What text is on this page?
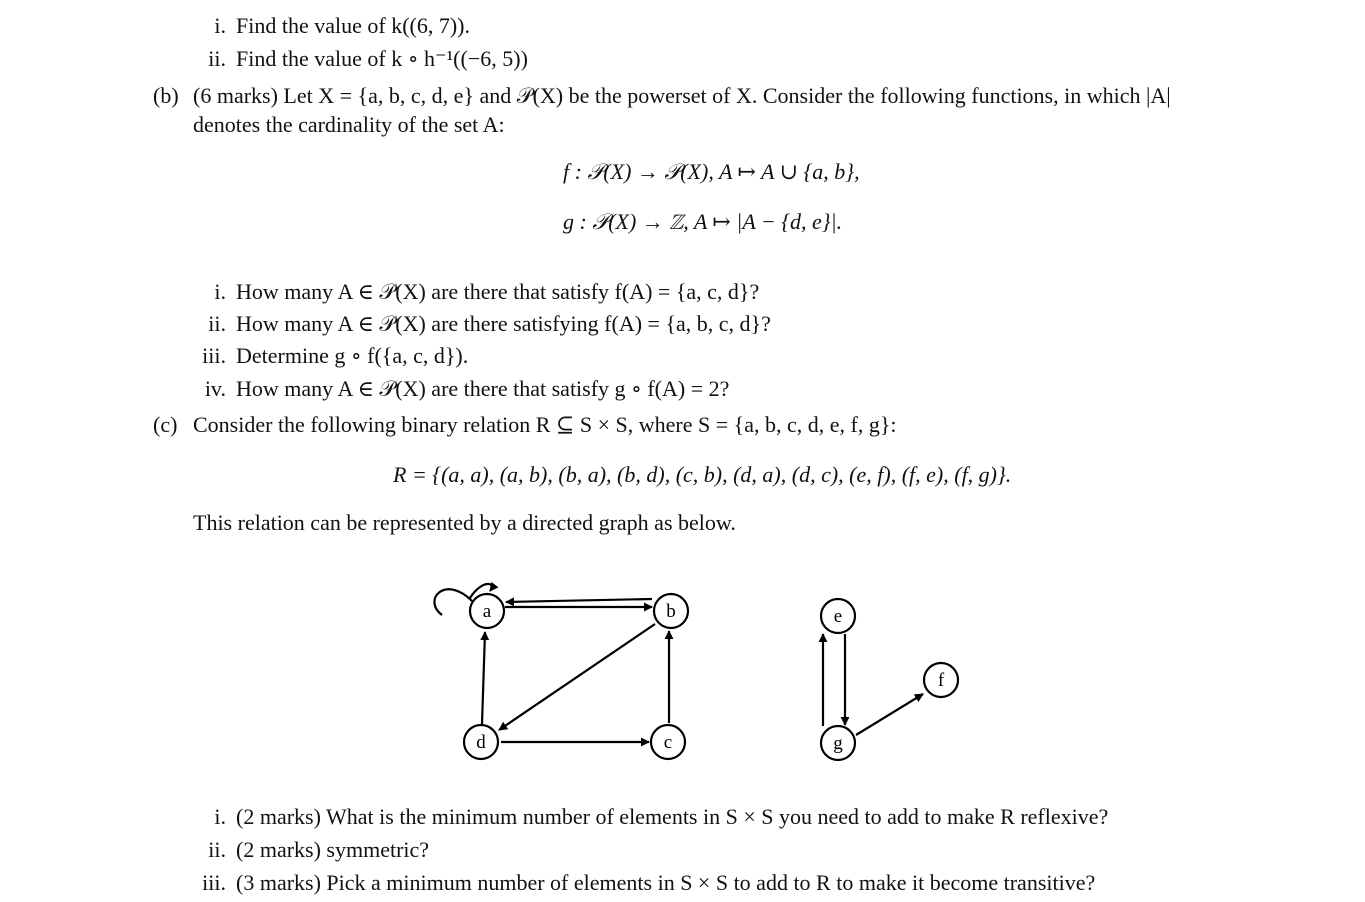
i. Find the value of k((6, 7)).
ii. Find the value of k ∘ h⁻¹((−6, 5))
(b) (6 marks) Let X = {a, b, c, d, e} and 𝒫(X) be the powerset of X. Consider the following functions, in which |A|
denotes the cardinality of the set A:
f : 𝒫(X) → 𝒫(X), A ↦ A ∪ {a, b},
g : 𝒫(X) → ℤ, A ↦ |A − {d, e}|.
i. How many A ∈ 𝒫(X) are there that satisfy f(A) = {a, c, d}?
ii. How many A ∈ 𝒫(X) are there satisfying f(A) = {a, b, c, d}?
iii. Determine g ∘ f({a, c, d}).
iv. How many A ∈ 𝒫(X) are there that satisfy g ∘ f(A) = 2?
(c) Consider the following binary relation R ⊆ S × S, where S = {a, b, c, d, e, f, g}:
R = {(a, a), (a, b), (b, a), (b, d), (c, b), (d, a), (d, c), (e, f), (f, e), (f, g)}.
This relation can be represented by a directed graph as below.
a	b
c
d
e
f
g
i. (2 marks) What is the minimum number of elements in S × S you need to add to make R reflexive?
ii. (2 marks) symmetric?
iii. (3 marks) Pick a minimum number of elements in S × S to add to R to make it become transitive?
